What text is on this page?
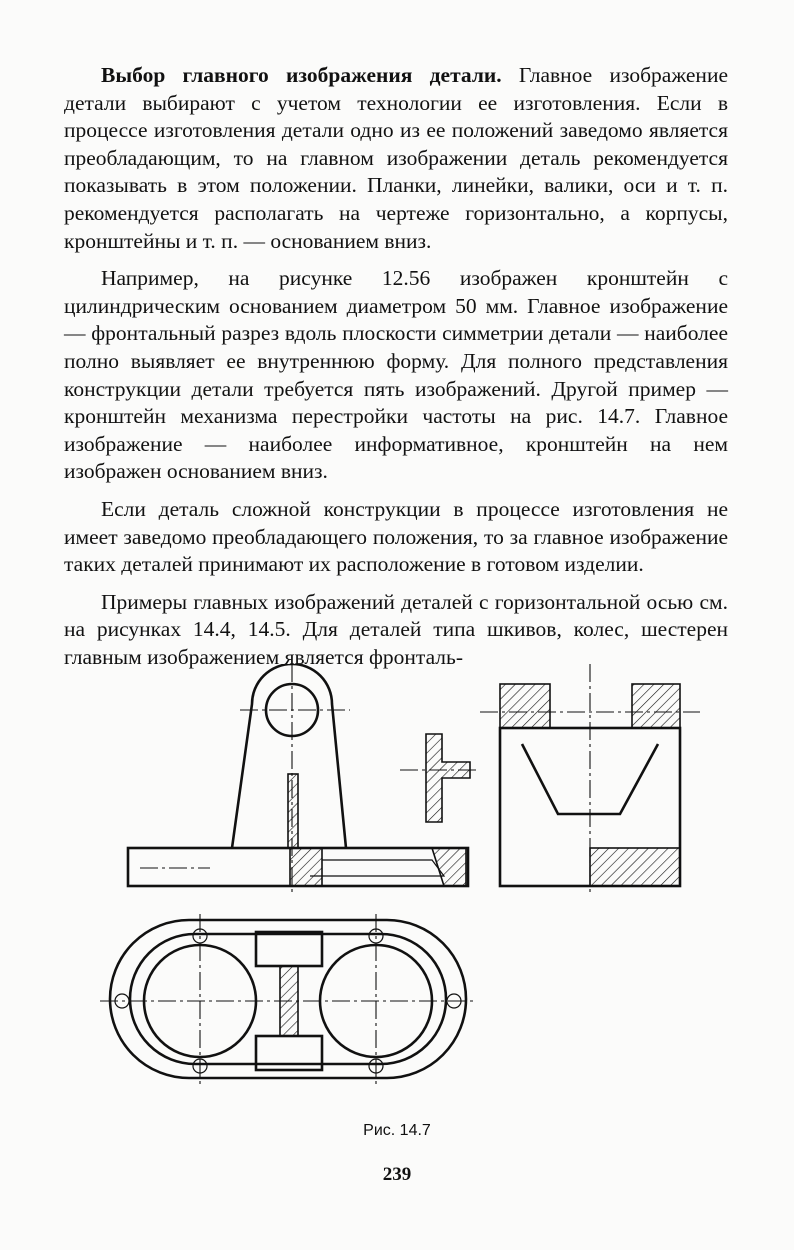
Выбор главного изображения детали. Главное изображение детали выбирают с учетом технологии ее изготовления. Если в процессе изготовления детали одно из ее положений заведомо является преобладающим, то на главном изображении деталь рекомендуется показывать в этом положении. Планки, линейки, валики, оси и т. п. рекомендуется располагать на чертеже горизонтально, а корпусы, кронштейны и т. п. — основанием вниз.

Например, на рисунке 12.56 изображен кронштейн с цилиндрическим основанием диаметром 50 мм. Главное изображение — фронтальный разрез вдоль плоскости симметрии детали — наиболее полно выявляет ее внутреннюю форму. Для полного представления конструкции детали требуется пять изображений. Другой пример — кронштейн механизма перестройки частоты на рис. 14.7. Главное изображение — наиболее информативное, кронштейн на нем изображен основанием вниз.

Если деталь сложной конструкции в процессе изготовления не имеет заведомо преобладающего положения, то за главное изображение таких деталей принимают их расположение в готовом изделии.

Примеры главных изображений деталей с горизонтальной осью см. на рисунках 14.4, 14.5. Для деталей типа шкивов, колес, шестерен главным изображением является фронталь-

Рис. 14.7
239
